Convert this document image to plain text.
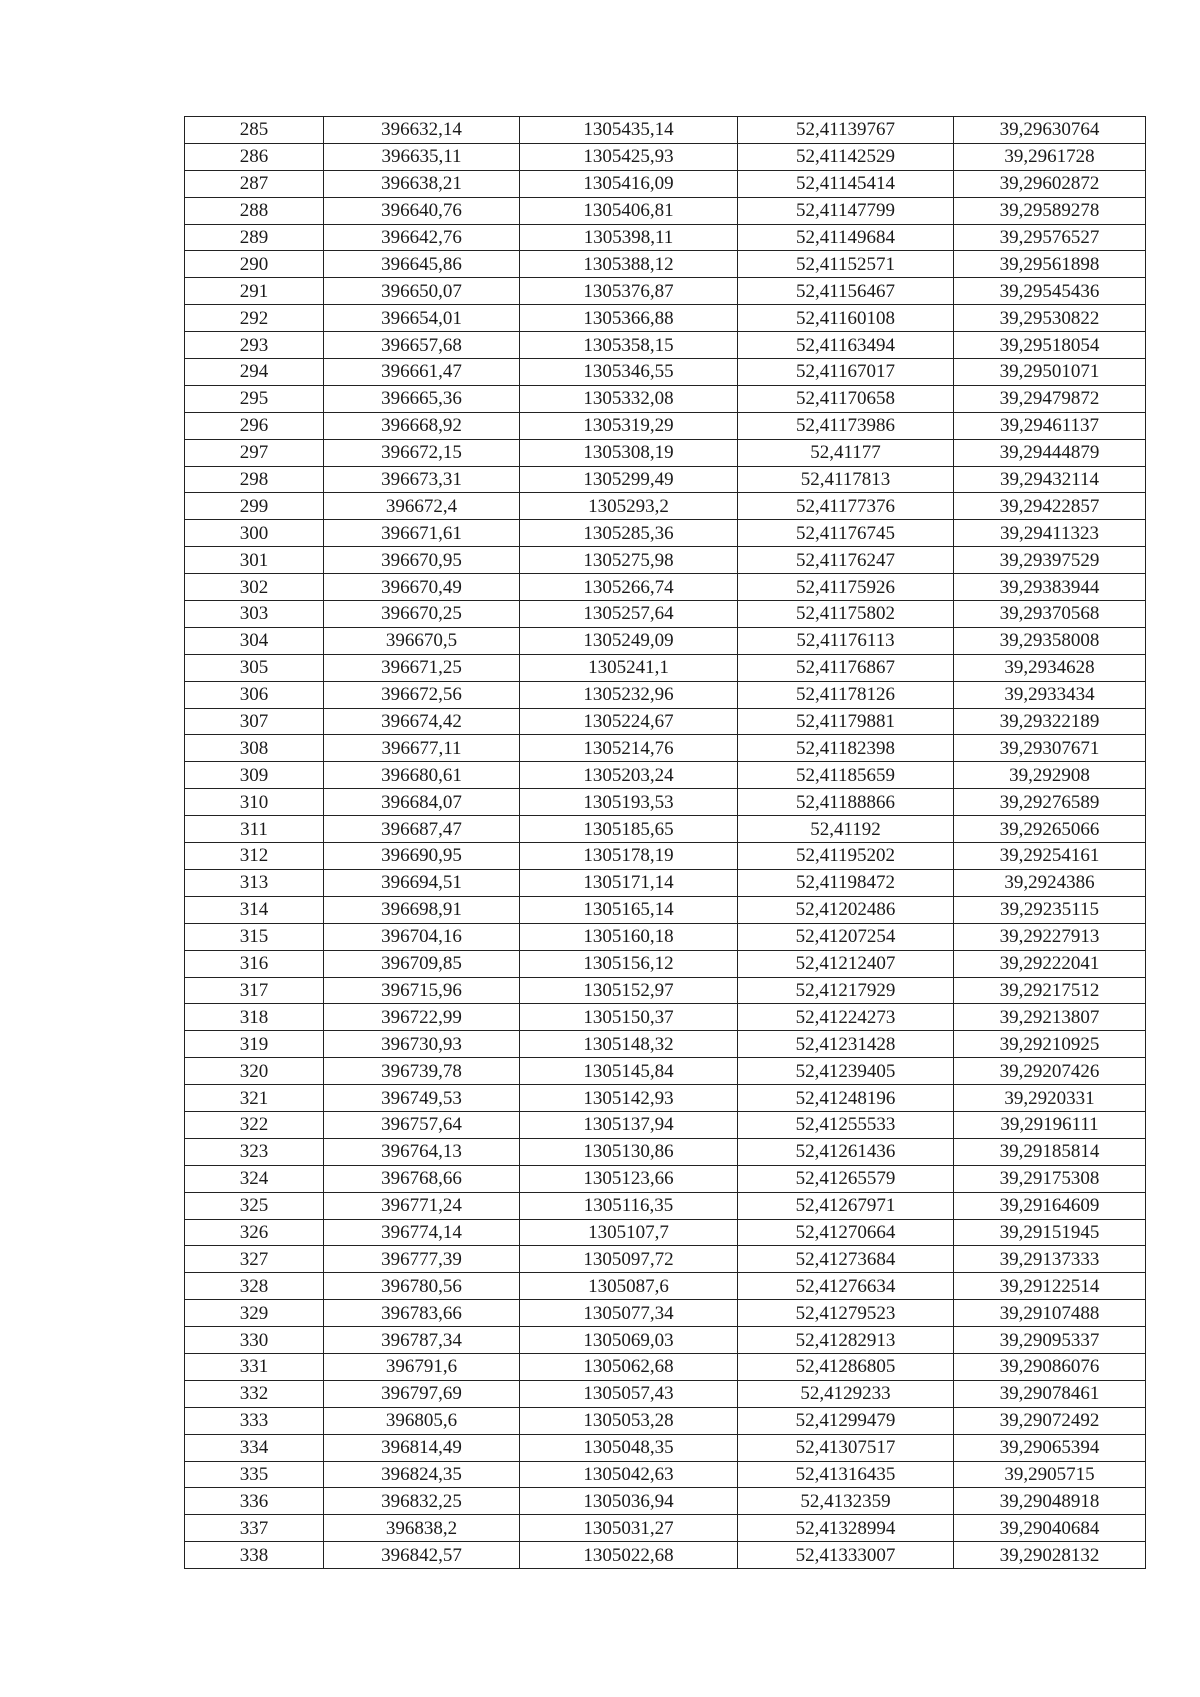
285	396632,14	1305435,14	52,41139767	39,29630764
286	396635,11	1305425,93	52,41142529	39,2961728
287	396638,21	1305416,09	52,41145414	39,29602872
288	396640,76	1305406,81	52,41147799	39,29589278
289	396642,76	1305398,11	52,41149684	39,29576527
290	396645,86	1305388,12	52,41152571	39,29561898
291	396650,07	1305376,87	52,41156467	39,29545436
292	396654,01	1305366,88	52,41160108	39,29530822
293	396657,68	1305358,15	52,41163494	39,29518054
294	396661,47	1305346,55	52,41167017	39,29501071
295	396665,36	1305332,08	52,41170658	39,29479872
296	396668,92	1305319,29	52,41173986	39,29461137
297	396672,15	1305308,19	52,41177	39,29444879
298	396673,31	1305299,49	52,4117813	39,29432114
299	396672,4	1305293,2	52,41177376	39,29422857
300	396671,61	1305285,36	52,41176745	39,29411323
301	396670,95	1305275,98	52,41176247	39,29397529
302	396670,49	1305266,74	52,41175926	39,29383944
303	396670,25	1305257,64	52,41175802	39,29370568
304	396670,5	1305249,09	52,41176113	39,29358008
305	396671,25	1305241,1	52,41176867	39,2934628
306	396672,56	1305232,96	52,41178126	39,2933434
307	396674,42	1305224,67	52,41179881	39,29322189
308	396677,11	1305214,76	52,41182398	39,29307671
309	396680,61	1305203,24	52,41185659	39,292908
310	396684,07	1305193,53	52,41188866	39,29276589
311	396687,47	1305185,65	52,41192	39,29265066
312	396690,95	1305178,19	52,41195202	39,29254161
313	396694,51	1305171,14	52,41198472	39,2924386
314	396698,91	1305165,14	52,41202486	39,29235115
315	396704,16	1305160,18	52,41207254	39,29227913
316	396709,85	1305156,12	52,41212407	39,29222041
317	396715,96	1305152,97	52,41217929	39,29217512
318	396722,99	1305150,37	52,41224273	39,29213807
319	396730,93	1305148,32	52,41231428	39,29210925
320	396739,78	1305145,84	52,41239405	39,29207426
321	396749,53	1305142,93	52,41248196	39,2920331
322	396757,64	1305137,94	52,41255533	39,29196111
323	396764,13	1305130,86	52,41261436	39,29185814
324	396768,66	1305123,66	52,41265579	39,29175308
325	396771,24	1305116,35	52,41267971	39,29164609
326	396774,14	1305107,7	52,41270664	39,29151945
327	396777,39	1305097,72	52,41273684	39,29137333
328	396780,56	1305087,6	52,41276634	39,29122514
329	396783,66	1305077,34	52,41279523	39,29107488
330	396787,34	1305069,03	52,41282913	39,29095337
331	396791,6	1305062,68	52,41286805	39,29086076
332	396797,69	1305057,43	52,4129233	39,29078461
333	396805,6	1305053,28	52,41299479	39,29072492
334	396814,49	1305048,35	52,41307517	39,29065394
335	396824,35	1305042,63	52,41316435	39,2905715
336	396832,25	1305036,94	52,4132359	39,29048918
337	396838,2	1305031,27	52,41328994	39,29040684
338	396842,57	1305022,68	52,41333007	39,29028132
